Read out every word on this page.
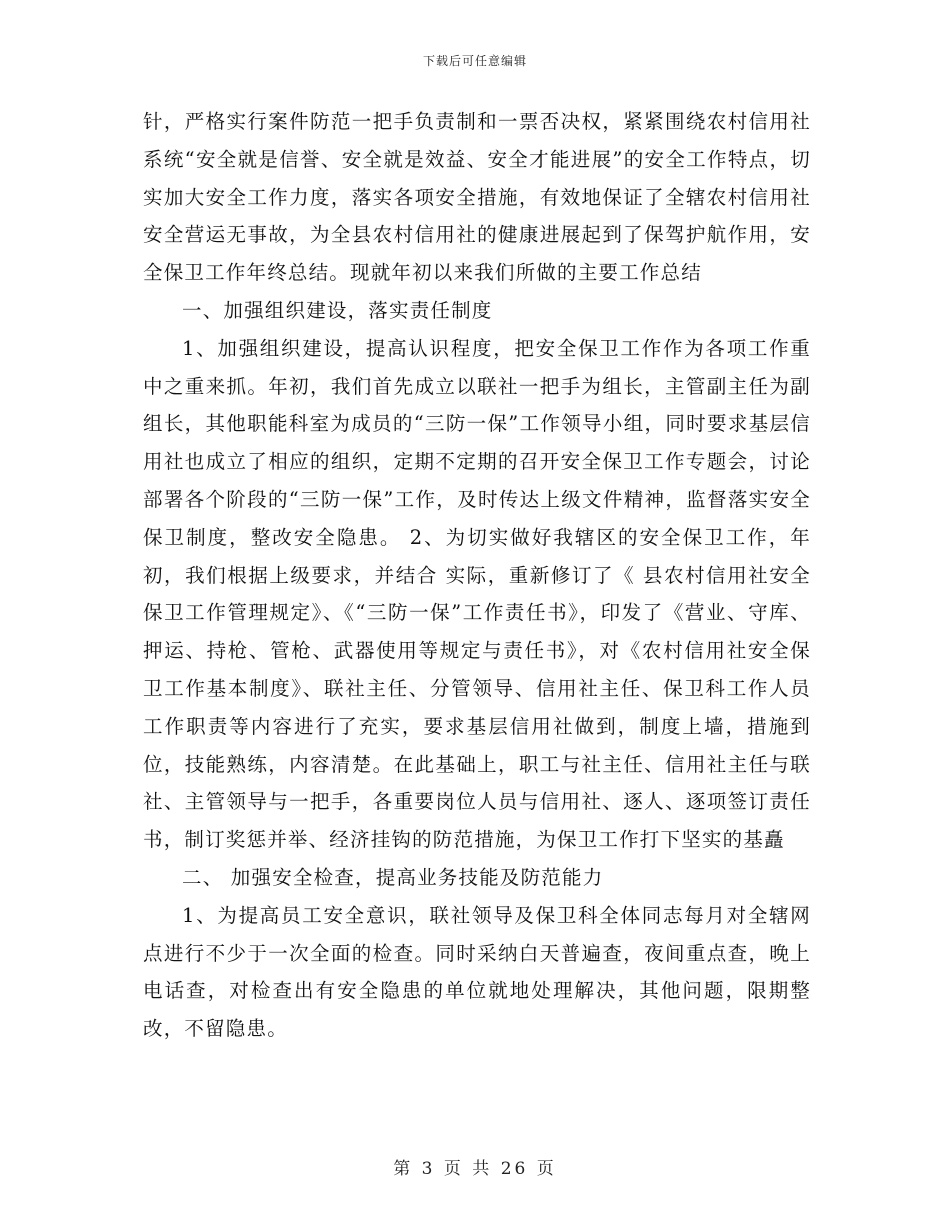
下载后可任意编辑

针，严格实行案件防范一把手负责制和一票否决权，紧紧围绕农村信用社系统“安全就是信誉、安全就是效益、安全才能进展”的安全工作特点，切实加大安全工作力度，落实各项安全措施，有效地保证了全辖农村信用社安全营运无事故，为全县农村信用社的健康进展起到了保驾护航作用，安全保卫工作年终总结。现就年初以来我们所做的主要工作总结

一、加强组织建设，落实责任制度

1、加强组织建设，提高认识程度，把安全保卫工作作为各项工作重中之重来抓。年初，我们首先成立以联社一把手为组长，主管副主任为副组长，其他职能科室为成员的“三防一保”工作领导小组，同时要求基层信用社也成立了相应的组织，定期不定期的召开安全保卫工作专题会，讨论部署各个阶段的“三防一保”工作，及时传达上级文件精神，监督落实安全保卫制度，整改安全隐患。 2、为切实做好我辖区的安全保卫工作，年初，我们根据上级要求，并结合 实际，重新修订了《 县农村信用社安全保卫工作管理规定》、《“三防一保”工作责任书》，印发了《营业、守库、押运、持枪、管枪、武器使用等规定与责任书》，对《农村信用社安全保卫工作基本制度》、联社主任、分管领导、信用社主任、保卫科工作人员工作职责等内容进行了充实，要求基层信用社做到，制度上墙，措施到位，技能熟练，内容清楚。在此基础上，职工与社主任、信用社主任与联社、主管领导与一把手，各重要岗位人员与信用社、逐人、逐项签订责任书，制订奖惩并举、经济挂钩的防范措施，为保卫工作打下坚实的基矗

二、 加强安全检查，提高业务技能及防范能力

1、为提高员工安全意识，联社领导及保卫科全体同志每月对全辖网点进行不少于一次全面的检查。同时采纳白天普遍查，夜间重点查，晚上电话查，对检查出有安全隐患的单位就地处理解决，其他问题，限期整改，不留隐患。

第 3 页 共 26 页
